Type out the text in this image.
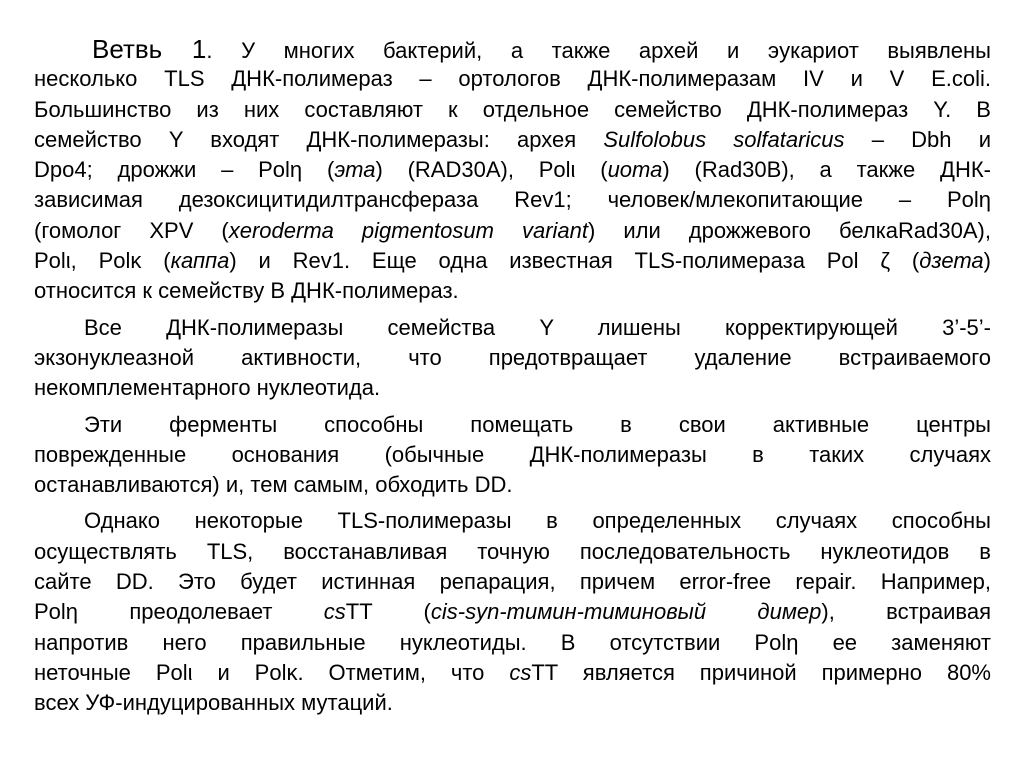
Ветвь 1. У многих бактерий, а также архей и эукариот выявлены
несколько TLS ДНК-полимераз – ортологов ДНК-полимеразам IV и V E.coli.
Большинство из них составляют к отдельное семейство ДНК-полимераз Y. В
семейство Y входят ДНК-полимеразы: архея Sulfolobus solfataricus – Dbh и
Dpo4; дрожжи – Polη (эта) (RAD30A), Polι (иота) (Rad30B), а также ДНК-
зависимая дезоксицитидилтрансфераза Rev1; человек/млекопитающие – Polη
(гомолог XPV (xeroderma pigmentosum variant) или дрожжевого белкаRad30A),
Polι, Polκ (каппа) и Rev1. Еще одна известная TLS-полимераза Pol ζ (дзета)
относится к семейству B ДНК-полимераз.
Все ДНК-полимеразы семейства Y лишены корректирующей 3’-5’-
экзонуклеазной активности, что предотвращает удаление встраиваемого
некомплементарного нуклеотида.
Эти ферменты способны помещать в свои активные центры
поврежденные основания (обычные ДНК-полимеразы в таких случаях
останавливаются) и, тем самым, обходить DD.
Однако некоторые TLS-полимеразы в определенных случаях способны
осуществлять TLS, восстанавливая точную последовательность нуклеотидов в
сайте DD. Это будет истинная репарация, причем error-free repair. Например,
Polη преодолевает csTT (cis-syn-тимин-тиминовый димер), встраивая
напротив него правильные нуклеотиды. В отсутствии Polη ее заменяют
неточные Polι и Polκ. Отметим, что csTT является причиной примерно 80%
всех УФ-индуцированных мутаций.
